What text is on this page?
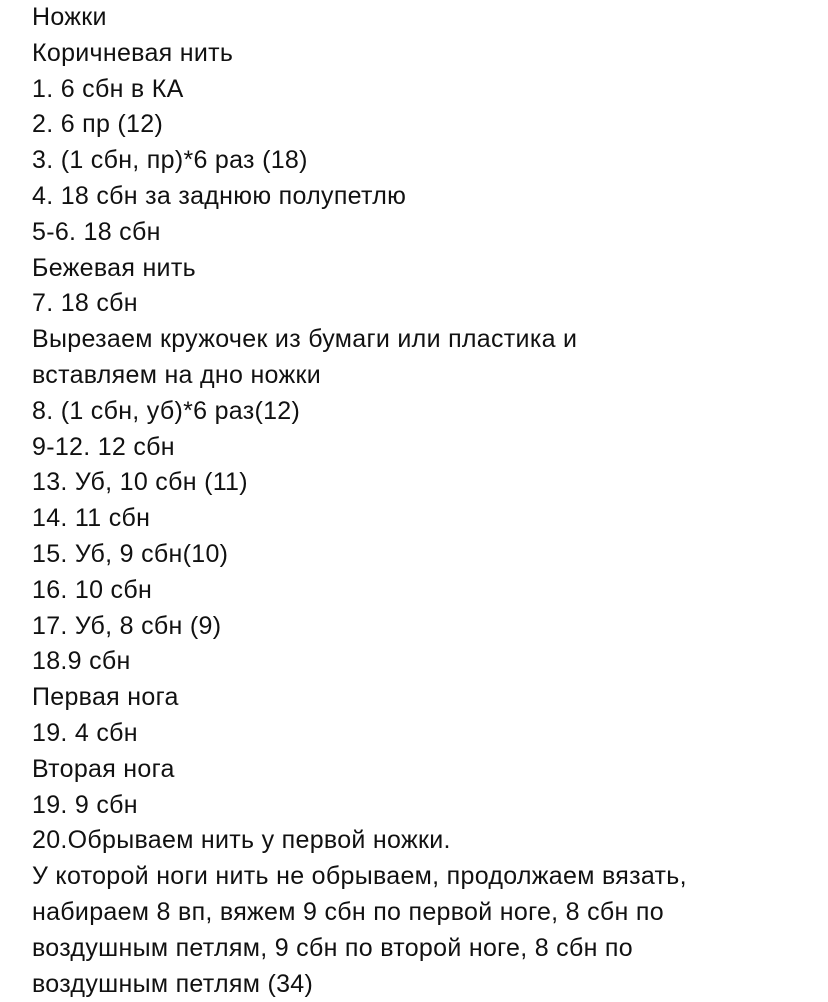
Ножки
Коричневая нить
1. 6 сбн в КА
2. 6 пр (12)
3. (1 сбн, пр)*6 раз (18)
4. 18 сбн за заднюю полупетлю
5-6. 18 сбн
Бежевая нить
7. 18 сбн
Вырезаем кружочек из бумаги или пластика и
вставляем на дно ножки
8. (1 сбн, уб)*6 раз(12)
9-12. 12 сбн
13. Уб, 10 сбн (11)
14. 11 сбн
15. Уб, 9 сбн(10)
16. 10 сбн
17. Уб, 8 сбн (9)
18.9 сбн
Первая нога
19. 4 сбн
Вторая нога
19. 9 сбн
20.Обрываем нить у первой ножки.
У которой ноги нить не обрываем, продолжаем вязать,
набираем 8 вп, вяжем 9 сбн по первой ноге, 8 сбн по
воздушным петлям, 9 сбн по второй ноге, 8 сбн по
воздушным петлям (34)
